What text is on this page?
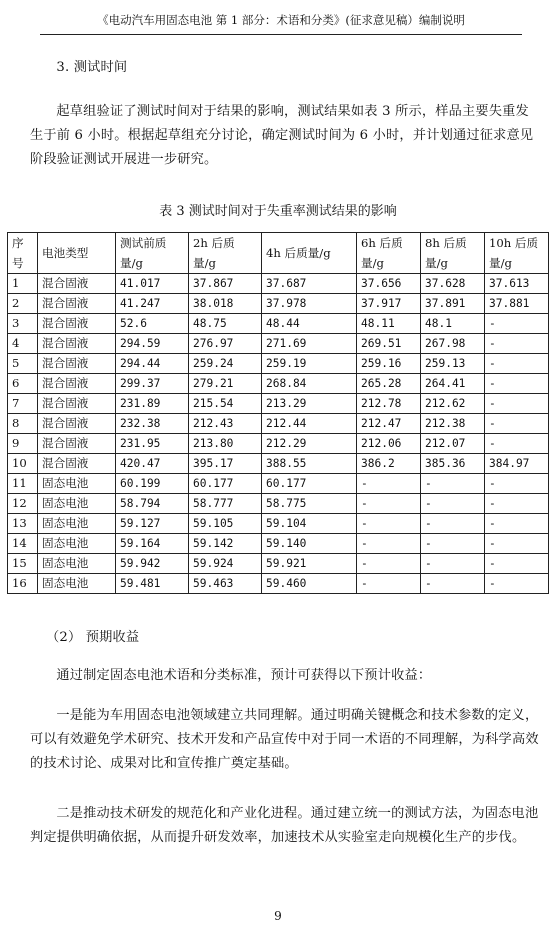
《电动汽车用固态电池 第 1 部分：术语和分类》(征求意见稿）编制说明

3. 测试时间

起草组验证了测试时间对于结果的影响，测试结果如表 3 所示，样品主要失重发生于前 6 小时。根据起草组充分讨论，确定测试时间为 6 小时，并计划通过征求意见阶段验证测试开展进一步研究。

表 3 测试时间对于失重率测试结果的影响
序号	电池类型	测试前质量/g	2h 后质量/g	4h 后质量/g	6h 后质量/g	8h 后质量/g	10h 后质量/g
1	混合固液	41.017	37.867	37.687	37.656	37.628	37.613
2	混合固液	41.247	38.018	37.978	37.917	37.891	37.881
3	混合固液	52.6	48.75	48.44	48.11	48.1	-
4	混合固液	294.59	276.97	271.69	269.51	267.98	-
5	混合固液	294.44	259.24	259.19	259.16	259.13	-
6	混合固液	299.37	279.21	268.84	265.28	264.41	-
7	混合固液	231.89	215.54	213.29	212.78	212.62	-
8	混合固液	232.38	212.43	212.44	212.47	212.38	-
9	混合固液	231.95	213.80	212.29	212.06	212.07	-
10	混合固液	420.47	395.17	388.55	386.2	385.36	384.97
11	固态电池	60.199	60.177	60.177	-	-	-
12	固态电池	58.794	58.777	58.775	-	-	-
13	固态电池	59.127	59.105	59.104	-	-	-
14	固态电池	59.164	59.142	59.140	-	-	-
15	固态电池	59.942	59.924	59.921	-	-	-
16	固态电池	59.481	59.463	59.460	-	-	-

（2） 预期收益

通过制定固态电池术语和分类标准，预计可获得以下预计收益：

一是能为车用固态电池领域建立共同理解。通过明确关键概念和技术参数的定义，可以有效避免学术研究、技术开发和产品宣传中对于同一术语的不同理解，为科学高效的技术讨论、成果对比和宣传推广奠定基础。

二是推动技术研发的规范化和产业化进程。通过建立统一的测试方法，为固态电池判定提供明确依据，从而提升研发效率，加速技术从实验室走向规模化生产的步伐。

9
